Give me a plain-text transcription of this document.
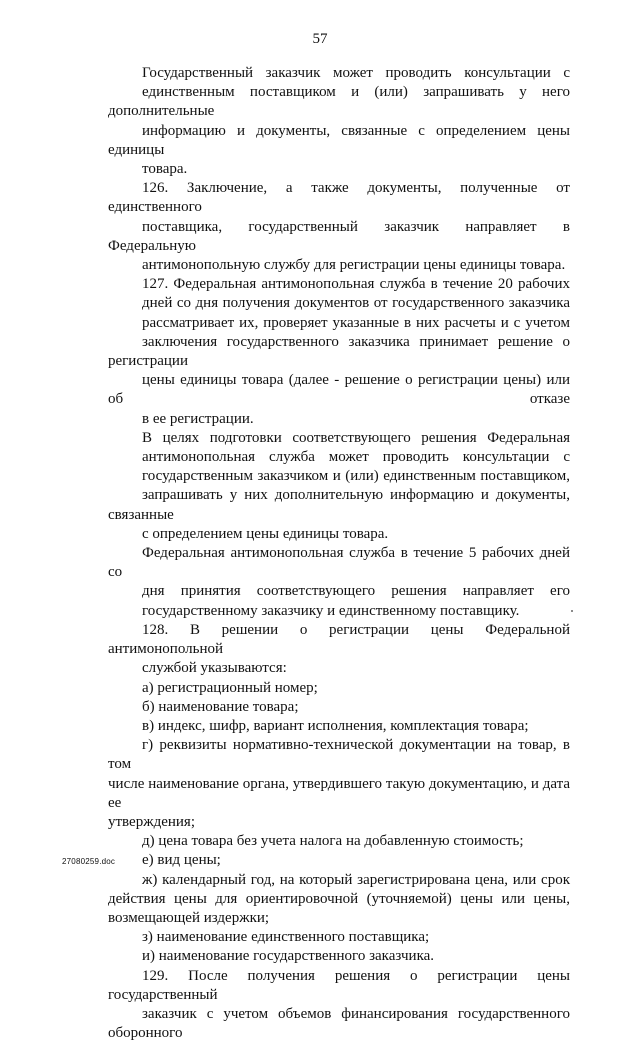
57
Государственный заказчик может проводить консультации с
единственным поставщиком и (или) запрашивать у него дополнительные
информацию и документы, связанные с определением цены единицы
товара.
126. Заключение, а также документы, полученные от единственного
поставщика, государственный заказчик направляет в Федеральную
антимонопольную службу для регистрации цены единицы товара.
127. Федеральная антимонопольная служба в течение 20 рабочих
дней со дня получения документов от государственного заказчика
рассматривает их, проверяет указанные в них расчеты и с учетом
заключения государственного заказчика принимает решение о регистрации
цены единицы товара (далее - решение о регистрации цены) или об отказе
в ее регистрации.
В целях подготовки соответствующего решения Федеральная
антимонопольная служба может проводить консультации с
государственным заказчиком и (или) единственным поставщиком,
запрашивать у них дополнительную информацию и документы, связанные
с определением цены единицы товара.
Федеральная антимонопольная служба в течение 5 рабочих дней со
дня принятия соответствующего решения направляет его
государственному заказчику и единственному поставщику.
128. В решении о регистрации цены Федеральной антимонопольной
службой указываются:
а) регистрационный номер;
б) наименование товара;
в) индекс, шифр, вариант исполнения, комплектация товара;
г) реквизиты нормативно-технической документации на товар, в том
числе наименование органа, утвердившего такую документацию, и дата ее
утверждения;
д) цена товара без учета налога на добавленную стоимость;
е) вид цены;
ж) календарный год, на который зарегистрирована цена, или срок
действия цены для ориентировочной (уточняемой) цены или цены,
возмещающей издержки;
з) наименование единственного поставщика;
и) наименование государственного заказчика.
129. После получения решения о регистрации цены государственный
заказчик с учетом объемов финансирования государственного оборонного
27080259.doc
